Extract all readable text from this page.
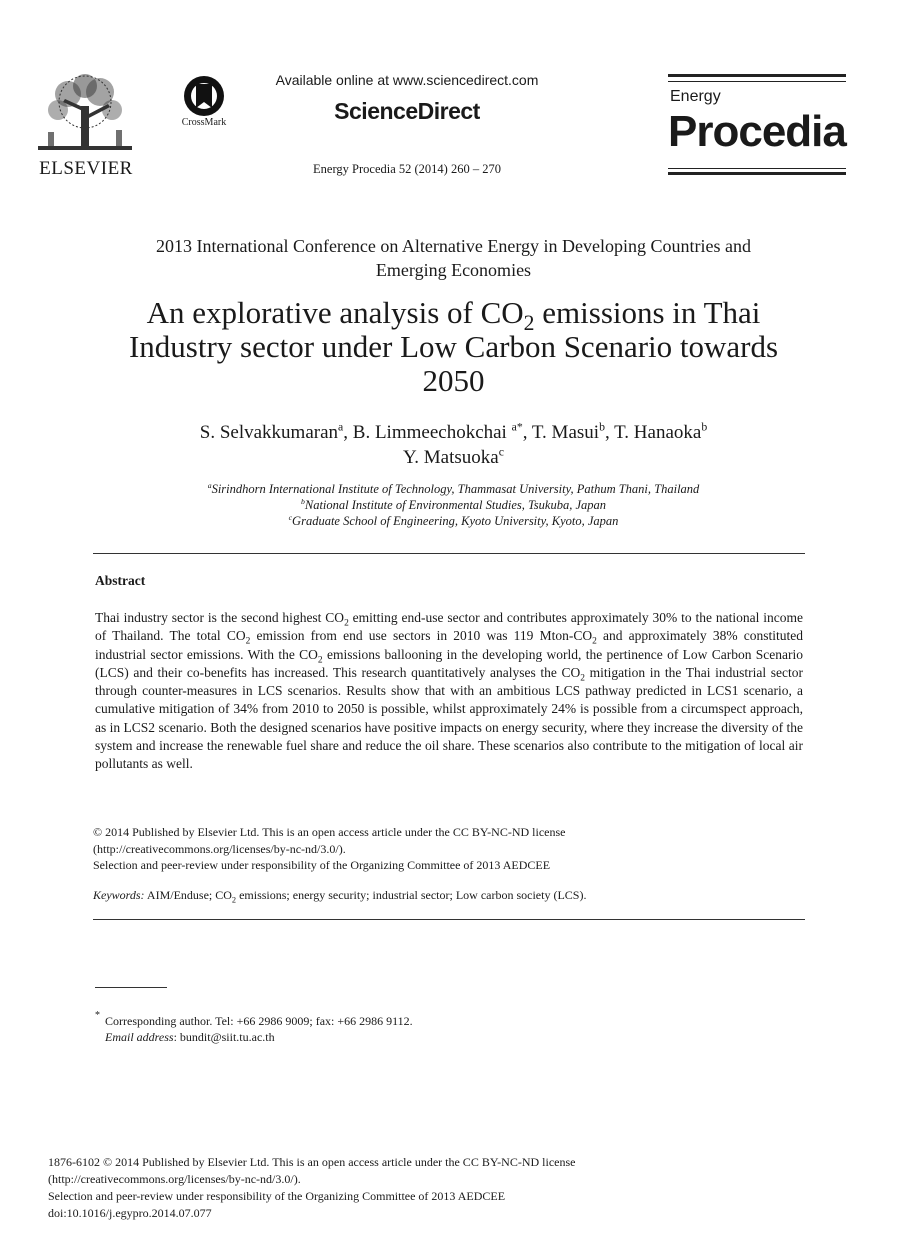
ELSEVIER
CrossMark
Available online at www.sciencedirect.com
ScienceDirect
Energy Procedia 52 (2014) 260 – 270
Energy
Procedia
2013 International Conference on Alternative Energy in Developing Countries and
Emerging Economies
An explorative analysis of $CO_2$ emissions in Thai
Industry sector under Low Carbon Scenario towards
2050
S. Selvakkumaran$^a$, B. Limmeechokchai $^{a*}$, T. Masui$^b$, T. Hanaoka$^b$
Y. Matsuoka$^c$
$^a$Sirindhorn International Institute of Technology, Thammasat University, Pathum Thani, Thailand
$^b$National Institute of Environmental Studies, Tsukuba, Japan
$^c$Graduate School of Engineering, Kyoto University, Kyoto, Japan
Abstract
Thai industry sector is the second highest $CO_2$ emitting end-use sector and contributes approximately 30% to the national income of Thailand. The total $CO_2$ emission from end use sectors in 2010 was 119 Mton-$CO_2$ and approximately 38% constituted industrial sector emissions. With the $CO_2$ emissions ballooning in the developing world, the pertinence of Low Carbon Scenario (LCS) and their co-benefits has increased. This research quantitatively analyses the $CO_2$ mitigation in the Thai industrial sector through counter-measures in LCS scenarios. Results show that with an ambitious LCS pathway predicted in LCS1 scenario, a cumulative mitigation of 34% from 2010 to 2050 is possible, whilst approximately 24% is possible from a circumspect approach, as in LCS2 scenario. Both the designed scenarios have positive impacts on energy security, where they increase the diversity of the system and increase the renewable fuel share and reduce the oil share. These scenarios also contribute to the mitigation of local air pollutants as well.
© 2014 Published by Elsevier Ltd. This is an open access article under the CC BY-NC-ND license
(http://creativecommons.org/licenses/by-nc-nd/3.0/).
Selection and peer-review under responsibility of the Organizing Committee of 2013 AEDCEE
Keywords: AIM/Enduse; $CO_2$ emissions; energy security; industrial sector; Low carbon society (LCS).
* Corresponding author. Tel: +66 2986 9009; fax: +66 2986 9112.
Email address: bundit@siit.tu.ac.th
1876-6102 © 2014 Published by Elsevier Ltd. This is an open access article under the CC BY-NC-ND license
(http://creativecommons.org/licenses/by-nc-nd/3.0/).
Selection and peer-review under responsibility of the Organizing Committee of 2013 AEDCEE
doi:10.1016/j.egypro.2014.07.077
